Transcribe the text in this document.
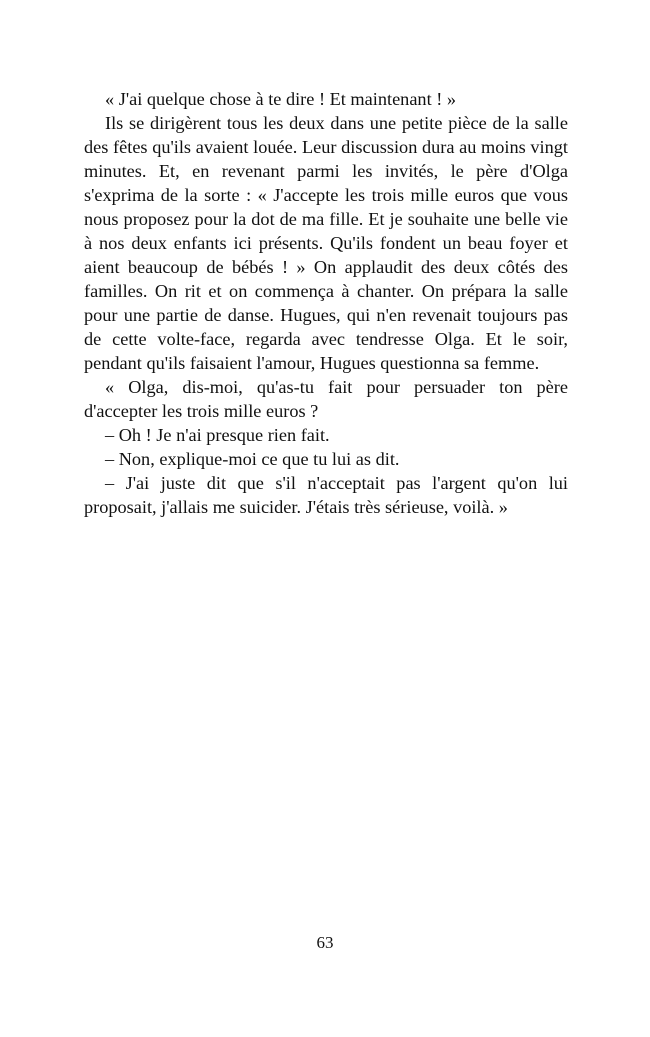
« J'ai quelque chose à te dire ! Et maintenant ! »

Ils se dirigèrent tous les deux dans une petite pièce de la salle des fêtes qu'ils avaient louée. Leur discussion dura au moins vingt minutes. Et, en revenant parmi les invités, le père d'Olga s'exprima de la sorte : « J'accepte les trois mille euros que vous nous proposez pour la dot de ma fille. Et je souhaite une belle vie à nos deux enfants ici présents. Qu'ils fondent un beau foyer et aient beaucoup de bébés ! » On applaudit des deux côtés des familles. On rit et on commença à chanter. On prépara la salle pour une partie de danse. Hugues, qui n'en revenait toujours pas de cette volte-face, regarda avec tendresse Olga. Et le soir, pendant qu'ils faisaient l'amour, Hugues questionna sa femme.

« Olga, dis-moi, qu'as-tu fait pour persuader ton père d'accepter les trois mille euros ?

– Oh ! Je n'ai presque rien fait.

– Non, explique-moi ce que tu lui as dit.

– J'ai juste dit que s'il n'acceptait pas l'argent qu'on lui proposait, j'allais me suicider. J'étais très sérieuse, voilà. »

63
